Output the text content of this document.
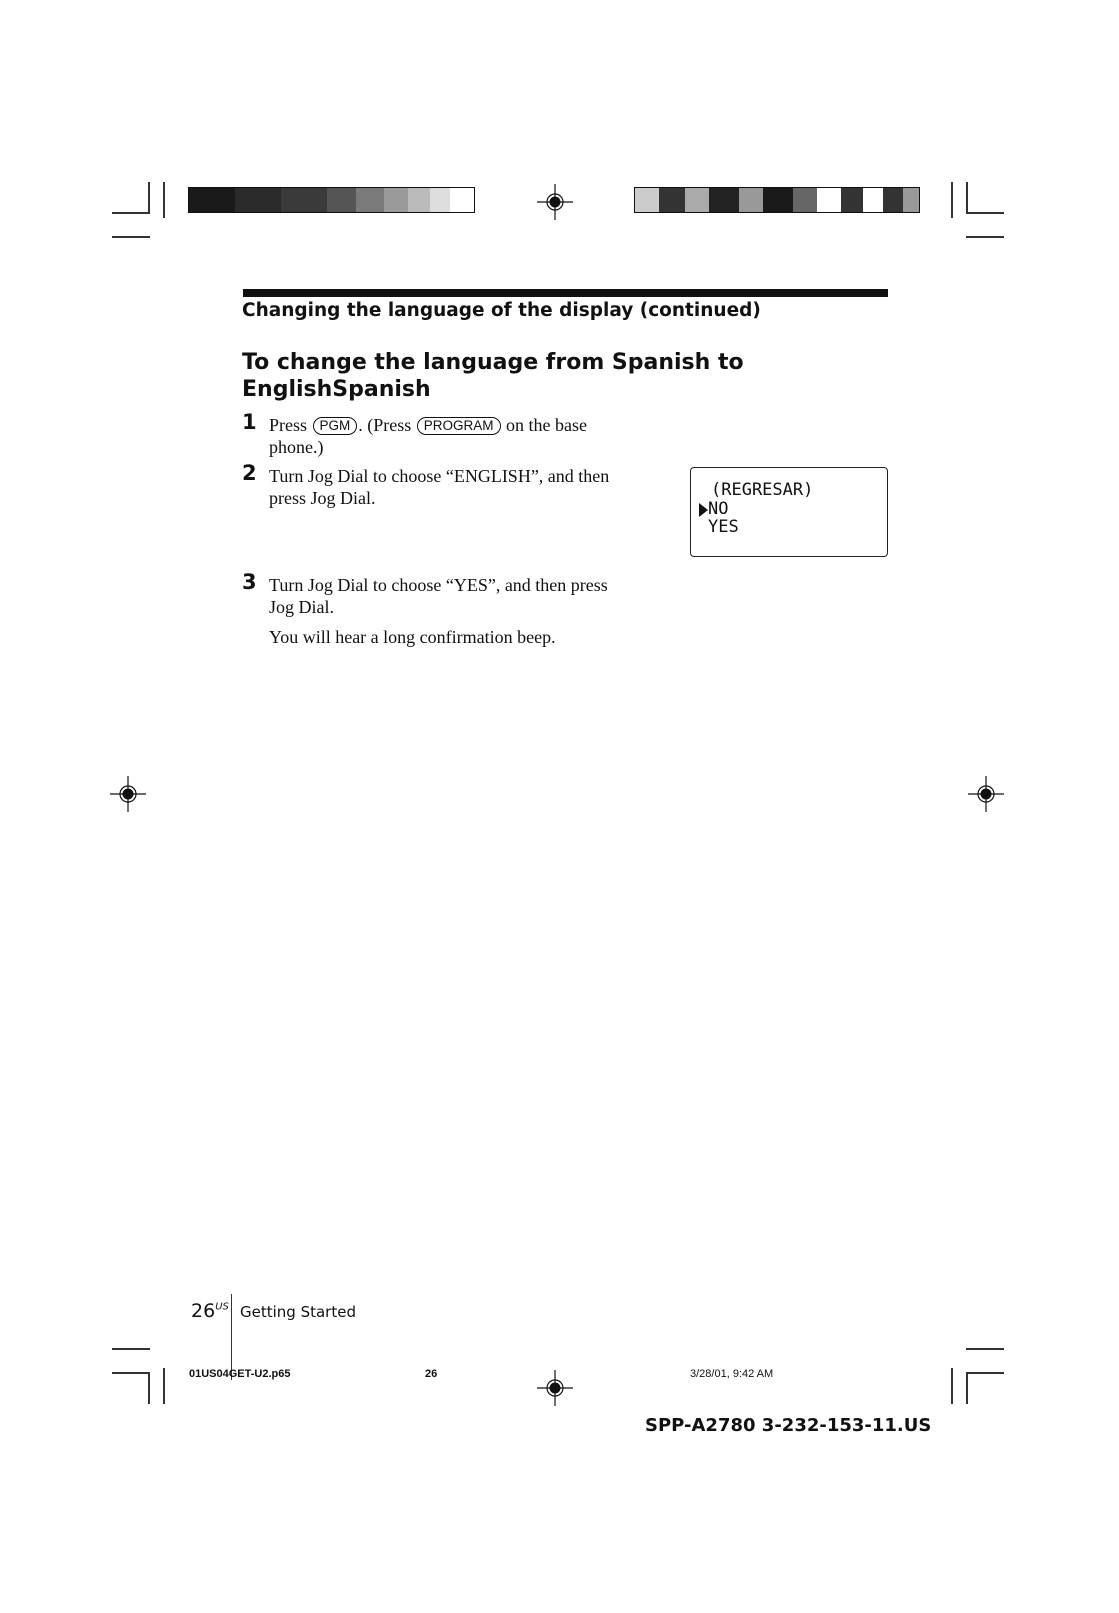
Changing the language of the display (continued)
To change the language from Spanish to EnglishSpanish
1 Press PGM . (Press PROGRAM on the base
phone.)
2 Turn Jog Dial to choose “ENGLISH”, and then
press Jog Dial.	(REGRESAR)
NO
YES
3 Turn Jog Dial to choose “YES”, and then press
Jog Dial.
You will hear a long confirmation beep.
$26^{US}$ Getting Started
01US04GET-U2.p65	26	3/28/01, 9:42 AM
SPP-A2780 3-232-153-11.US
